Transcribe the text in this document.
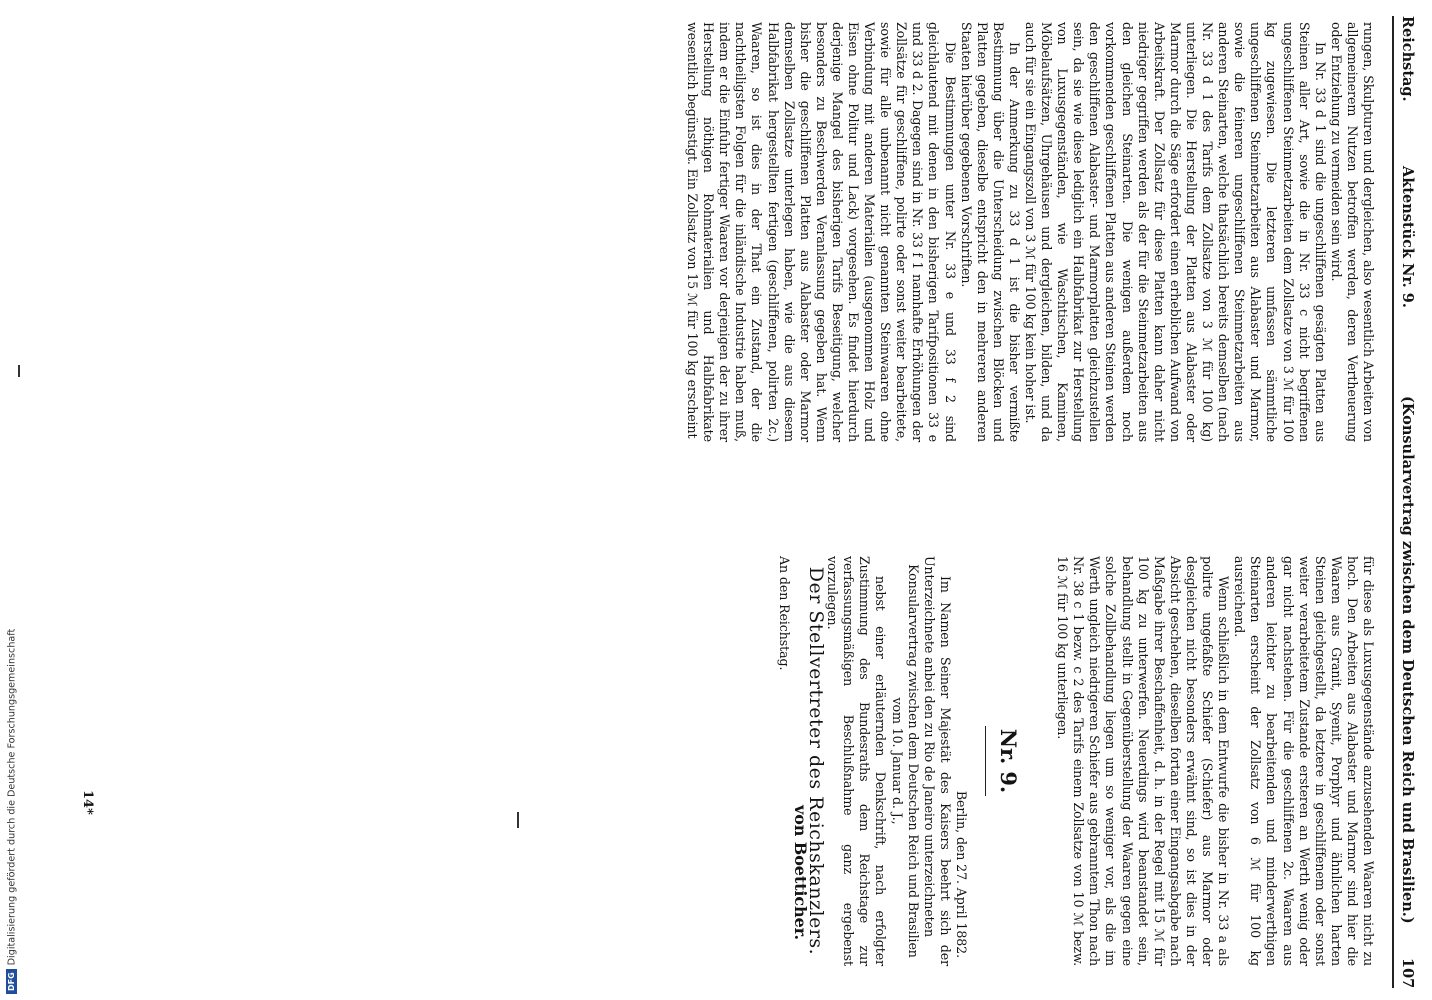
Reichstag.
Aktenstück Nr. 9.
(Konsularvertrag zwischen dem Deutschen Reich und Brasilien.)
107

rungen, Skulpturen und dergleichen, also wesentlich Arbeiten von allgemeinerem Nutzen betroffen werden, deren Vertheuerung oder Entziehung zu vermeiden sein wird.

In Nr. 33 d 1 sind die ungeschliffenen gesägten Platten aus Steinen aller Art, sowie die in Nr. 33 c nicht begriffenen ungeschliffenen Steinmetzarbeiten dem Zollsatze von 3 ℳ für 100 kg zugewiesen. Die letzteren umfassen sämmtliche ungeschliffenen Steinmetzarbeiten aus Alabaster und Marmor, sowie die feineren ungeschliffenen Steinmetzarbeiten aus anderen Steinarten, welche thatsächlich bereits demselben (nach Nr. 33 d 1 des Tarifs dem Zollsatze von 3 ℳ für 100 kg) unterliegen. Die Herstellung der Platten aus Alabaster oder Marmor durch die Säge erfordert einen erheblichen Aufwand von Arbeitskraft. Der Zollsatz für diese Platten kann daher nicht niedriger gegriffen werden als der für die Steinmetzarbeiten aus den gleichen Steinarten. Die wenigen außerdem noch vorkommenden geschliffenen Platten aus anderen Steinen werden den geschliffenen Alabaster- und Marmorplatten gleichzustellen sein, da sie wie diese lediglich ein Halbfabrikat zur Herstellung von Luxusgegenständen, wie Waschtischen, Kaminen, Möbelaufsätzen, Uhrgehäusen und dergleichen, bilden, und da auch für sie ein Eingangszoll von 3 ℳ für 100 kg kein hoher ist.

In der Anmerkung zu 33 d 1 ist die bisher vermißte Bestimmung über die Unterscheidung zwischen Blöcken und Platten gegeben, dieselbe entspricht den in mehreren anderen Staaten hierüber gegebenen Vorschriften.

Die Bestimmungen unter Nr. 33 e und 33 f 2 sind gleichlautend mit denen in den bisherigen Tarifpositionen 33 e und 33 d 2. Dagegen sind in Nr. 33 f 1 namhafte Erhöhungen der Zollsätze für geschliffene, polirte oder sonst weiter bearbeitete, sowie für alle unbenannt nicht genannten Steinwaaren ohne Verbindung mit anderen Materialien (ausgenommen Holz und Eisen ohne Politur und Lack) vorgesehen. Es findet hierdurch derjenige Mangel des bisherigen Tarifs Beseitigung, welcher besonders zu Beschwerden Veranlassung gegeben hat. Wenn bisher die geschliffenen Platten aus Alabaster oder Marmor demselben Zollsatze unterlegen haben, wie die aus diesem Halbfabrikat hergestellten fertigen (geschliffenen, polirten 2c.) Waaren, so ist dies in der That ein Zustand, der die nachtheiligsten Folgen für die inländische Industrie haben muß, indem er die Einfuhr fertiger Waaren vor derjenigen der zu ihrer Herstellung nöthigen Rohmaterialien und Halbfabrikate wesentlich begünstigt. Ein Zollsatz von 15 ℳ für 100 kg erscheint

für diese als Luxusgegenstände anzusehenden Waaren nicht zu hoch. Den Arbeiten aus Alabaster und Marmor sind hier die Waaren aus Granit, Syenit, Porphyr und ähnlichen harten Steinen gleichgestellt, da letztere in geschliffenem oder sonst weiter verarbeitetem Zustande ersteren an Werth wenig oder gar nicht nachstehen. Für die geschliffenen 2c. Waaren aus anderen leichter zu bearbeitenden und minderwerthigen Steinarten erscheint der Zollsatz von 6 ℳ für 100 kg ausreichend.

Wenn schließlich in dem Entwurfe die bisher in Nr. 33 a als polirte ungefaßte Schiefer (Schiefer) aus Marmor oder desgleichen nicht besonders erwähnt sind, so ist dies in der Absicht geschehen, dieselben fortan einer Eingangsabgabe nach Maßgabe ihrer Beschaffenheit, d. h. in der Regel mit 15 ℳ für 100 kg zu unterwerfen. Neuerdings wird beanstandet sein, behandlung stellt in Gegenüberstellung der Waaren gegen eine solche Zollbehandlung liegen um so weniger vor, als die im Werth ungleich niedrigeren Schiefer aus gebranntem Thon nach Nr. 38 c 1 bezw. c 2 des Tarifs einem Zollsatze von 10 ℳ bezw. 16 ℳ für 100 kg unterliegen.

Nr. 9.

Berlin, den 27. April 1882.

Im Namen Seiner Majestät des Kaisers beehrt sich der Unterzeichnete anbei den zu Rio de Janeiro unterzeichneten

Konsularvertrag zwischen dem Deutschen Reich und Brasilien vom 10. Januar d. J.,

nebst einer erläuternden Denkschrift, nach erfolgter Zustimmung des Bundesraths dem Reichstage zur verfassungsmäßigen Beschlußnahme ganz ergebenst vorzulegen.

Der Stellvertreter des Reichskanzlers.

von Boetticher.

An den Reichstag.

14*
DFGDigitalisierung gefördert durch die Deutsche Forschungsgemeinschaft
